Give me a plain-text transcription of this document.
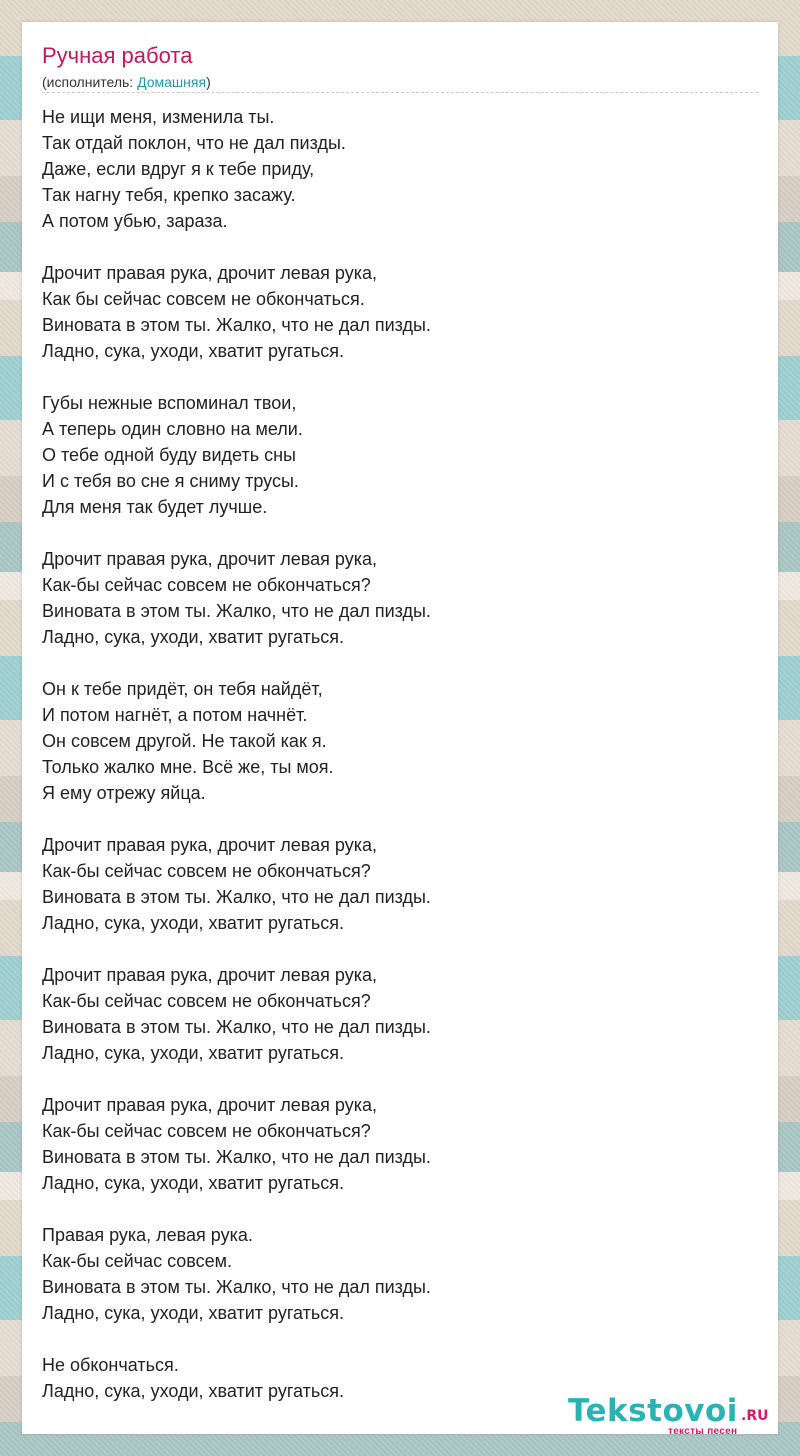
Ручная работа
(исполнитель: Домашняя)
Не ищи меня, изменила ты.
Так отдай поклон, что не дал пизды.
Даже, если вдруг я к тебе приду,
Так нагну тебя, крепко засажу.
А потом убью, зараза.
Дрочит правая рука, дрочит левая рука,
Как бы сейчас совсем не обкончаться.
Виновата в этом ты. Жалко, что не дал пизды.
Ладно, сука, уходи, хватит ругаться.
Губы нежные вспоминал твои,
А теперь один словно на мели.
О тебе одной буду видеть сны
И с тебя во сне я сниму трусы.
Для меня так будет лучше.
Дрочит правая рука, дрочит левая рука,
Как-бы сейчас совсем не обкончаться?
Виновата в этом ты. Жалко, что не дал пизды.
Ладно, сука, уходи, хватит ругаться.
Он к тебе придёт, он тебя найдёт,
И потом нагнёт, а потом начнёт.
Он совсем другой. Не такой как я.
Только жалко мне. Всё же, ты моя.
Я ему отрежу яйца.
Дрочит правая рука, дрочит левая рука,
Как-бы сейчас совсем не обкончаться?
Виновата в этом ты. Жалко, что не дал пизды.
Ладно, сука, уходи, хватит ругаться.
Дрочит правая рука, дрочит левая рука,
Как-бы сейчас совсем не обкончаться?
Виновата в этом ты. Жалко, что не дал пизды.
Ладно, сука, уходи, хватит ругаться.
Дрочит правая рука, дрочит левая рука,
Как-бы сейчас совсем не обкончаться?
Виновата в этом ты. Жалко, что не дал пизды.
Ладно, сука, уходи, хватит ругаться.
Правая рука, левая рука.
Как-бы сейчас совсем.
Виновата в этом ты. Жалко, что не дал пизды.
Ладно, сука, уходи, хватит ругаться.
Не обкончаться.
Ладно, сука, уходи, хватит ругаться.
Tekstovoi .RU
тексты песен
